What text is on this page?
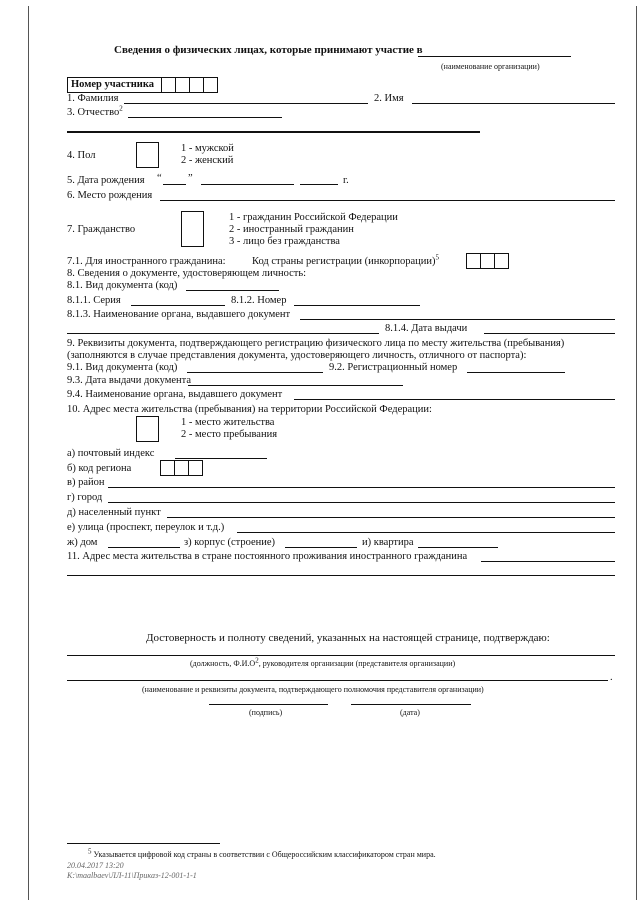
Сведения о физических лицах, которые принимают участие в
(наименование организации)
Номер участника
1. Фамилия	2. Имя
3. Отчество$^2$
4. Пол
1 - мужской
2 - женский
5. Дата рождения “	”	г.
6. Место рождения
7. Гражданство
1 - гражданин Российской Федерации
2 - иностранный гражданин
3 - лицо без гражданства
7.1. Для иностранного гражданина:	Код страны регистрации (инкорпорации)$^5$
8. Сведения о документе, удостоверяющем личность:
8.1. Вид документа (код)
8.1.1. Серия	8.1.2. Номер
8.1.3. Наименование органа, выдавшего документ
8.1.4. Дата выдачи
9. Реквизиты документа, подтверждающего регистрацию физического лица по месту жительства (пребывания)
(заполняются в случае представления документа, удостоверяющего личность, отличного от паспорта):
9.1. Вид документа (код)	9.2. Регистрационный номер
9.3. Дата выдачи документа
9.4. Наименование органа, выдавшего документ
10. Адрес места жительства (пребывания) на территории Российской Федерации:
1 - место жительства
2 - место пребывания
а) почтовый индекс
б) код региона
в) район
г) город
д) населенный пункт
е) улица (проспект, переулок и т.д.)
ж) дом	з) корпус (строение)	и) квартира
11. Адрес места жительства в стране постоянного проживания иностранного гражданина
Достоверность и полноту сведений, указанных на настоящей странице, подтверждаю:
(должность, $Ф.И.О^2$, руководителя организации (представителя организации)
.
(наименование и реквизиты документа, подтверждающего полномочия представителя организации)
(подпись)	(дата)
$^5$ Указывается цифровой код страны в соответствии с Общероссийским классификатором стран мира.
20.04.2017 13:20
К:\maalbaev\ЛЛ-11\Приказ-12-001-1-1
